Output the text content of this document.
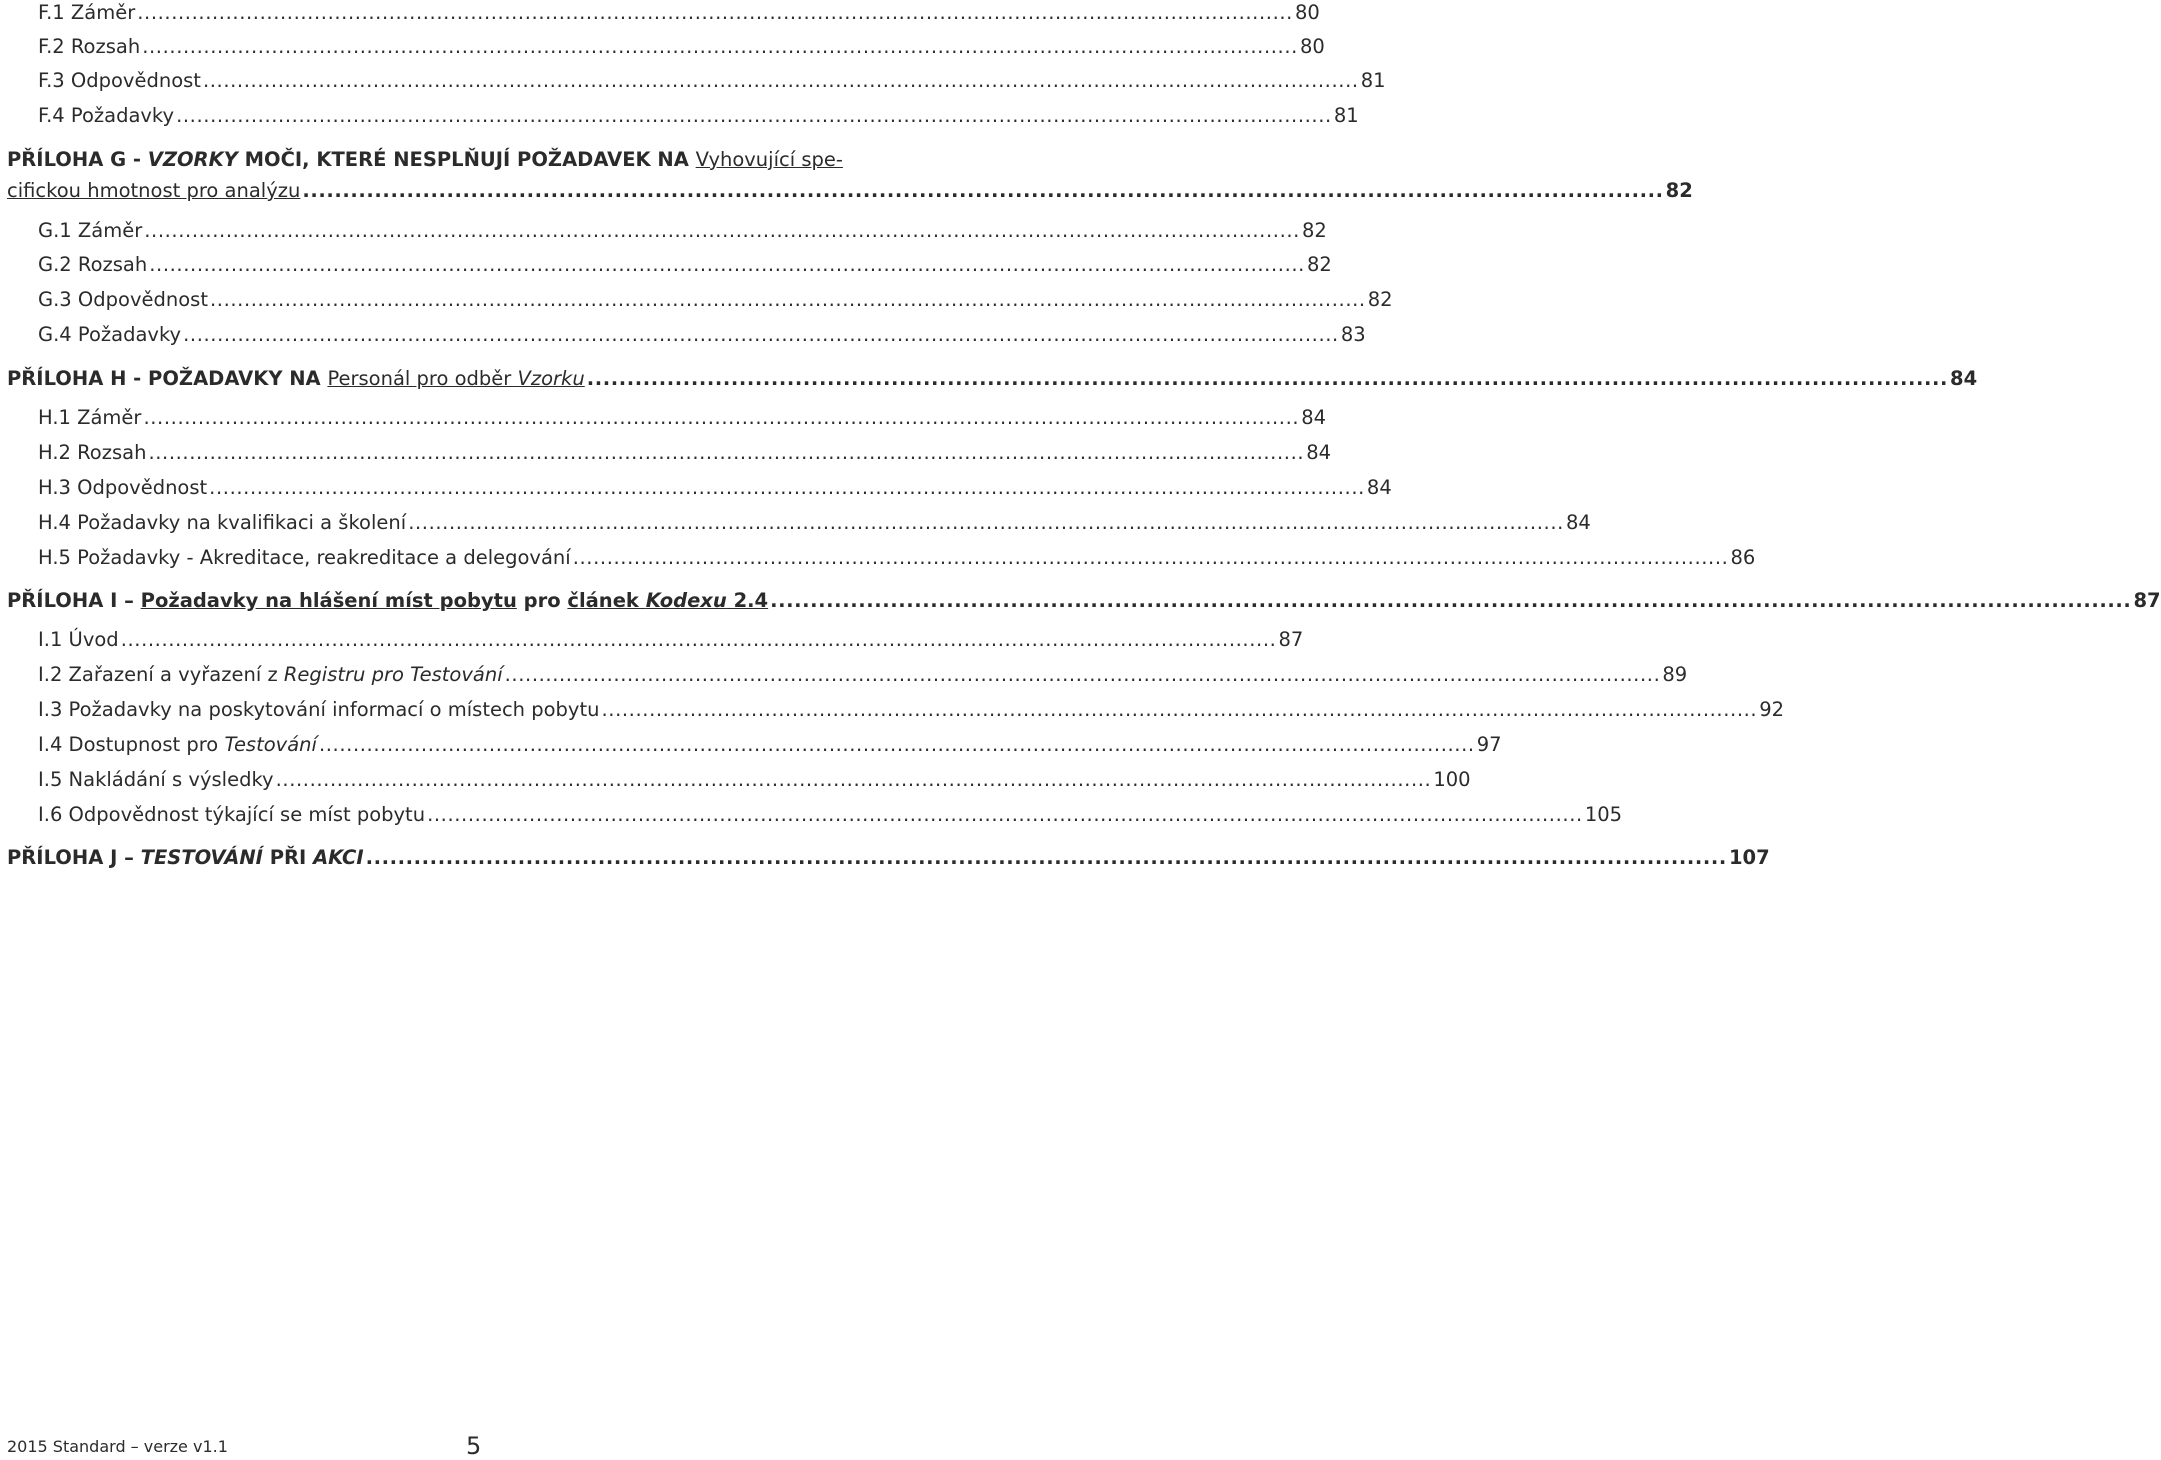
F.1 Záměr .......................................................................................................................................................................... 80
F.2 Rozsah .......................................................................................................................................................................... 80
F.3 Odpovědnost .......................................................................................................................................................................... 81
F.4 Požadavky .......................................................................................................................................................................... 81
PŘÍLOHA G - VZORKY MOČI, KTERÉ NESPLŇUJÍ POŽADAVEK NA Vyhovující spe-
cifickou hmotnost pro analýzu .......................................................................................................................................................................... 82
G.1 Záměr .......................................................................................................................................................................... 82
G.2 Rozsah .......................................................................................................................................................................... 82
G.3 Odpovědnost .......................................................................................................................................................................... 82
G.4 Požadavky .......................................................................................................................................................................... 83
PŘÍLOHA H - POŽADAVKY NA Personál pro odběr Vzorku .......................................................................................................................................................................... 84
H.1 Záměr .......................................................................................................................................................................... 84
H.2 Rozsah .......................................................................................................................................................................... 84
H.3 Odpovědnost .......................................................................................................................................................................... 84
H.4 Požadavky na kvalifikaci a školení .......................................................................................................................................................................... 84
H.5 Požadavky - Akreditace, reakreditace a delegování .......................................................................................................................................................................... 86
PŘÍLOHA I – Požadavky na hlášení míst pobytu pro článek Kodexu 2.4 .......................................................................................................................................................................... 87
I.1 Úvod .......................................................................................................................................................................... 87
I.2 Zařazení a vyřazení z Registru pro Testování .......................................................................................................................................................................... 89
I.3 Požadavky na poskytování informací o místech pobytu .......................................................................................................................................................................... 92
I.4 Dostupnost pro Testování .......................................................................................................................................................................... 97
I.5 Nakládání s výsledky .......................................................................................................................................................................... 100
I.6 Odpovědnost týkající se míst pobytu .......................................................................................................................................................................... 105
PŘÍLOHA J – TESTOVÁNÍ PŘI AKCI .......................................................................................................................................................................... 107
2015 Standard – verze v1.1	5
